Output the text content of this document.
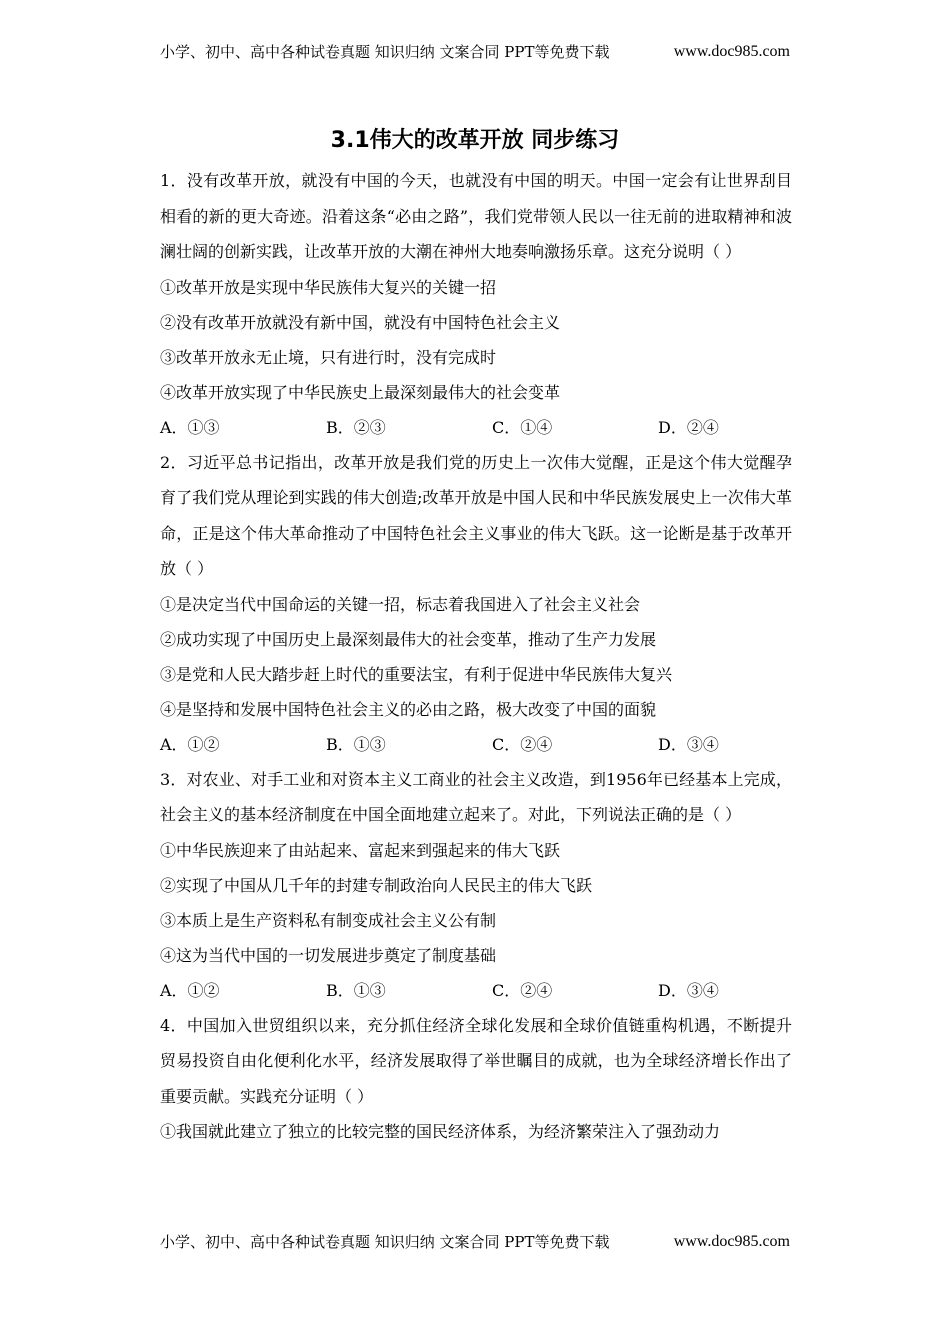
小学、初中、高中各种试卷真题 知识归纳 文案合同 PPT等免费下载	www.doc985.com
3.1伟大的改革开放 同步练习
1．没有改革开放，就没有中国的今天，也就没有中国的明天。中国一定会有让世界刮目相看的新的更大奇迹。沿着这条“必由之路”，我们党带领人民以一往无前的进取精神和波澜壮阔的创新实践，让改革开放的大潮在神州大地奏响激扬乐章。这充分说明（ ）
①改革开放是实现中华民族伟大复兴的关键一招
②没有改革开放就没有新中国，就没有中国特色社会主义
③改革开放永无止境，只有进行时，没有完成时
④改革开放实现了中华民族史上最深刻最伟大的社会变革
A．①③	B．②③	C．①④	D．②④
2．习近平总书记指出，改革开放是我们党的历史上一次伟大觉醒，正是这个伟大觉醒孕育了我们党从理论到实践的伟大创造;改革开放是中国人民和中华民族发展史上一次伟大革命，正是这个伟大革命推动了中国特色社会主义事业的伟大飞跃。这一论断是基于改革开放（ ）
①是决定当代中国命运的关键一招，标志着我国进入了社会主义社会
②成功实现了中国历史上最深刻最伟大的社会变革，推动了生产力发展
③是党和人民大踏步赶上时代的重要法宝，有利于促进中华民族伟大复兴
④是坚持和发展中国特色社会主义的必由之路，极大改变了中国的面貌
A．①②	B．①③	C．②④	D．③④
3．对农业、对手工业和对资本主义工商业的社会主义改造，到1956年已经基本上完成，社会主义的基本经济制度在中国全面地建立起来了。对此，下列说法正确的是（ ）
①中华民族迎来了由站起来、富起来到强起来的伟大飞跃
②实现了中国从几千年的封建专制政治向人民民主的伟大飞跃
③本质上是生产资料私有制变成社会主义公有制
④这为当代中国的一切发展进步奠定了制度基础
A．①②	B．①③	C．②④	D．③④
4．中国加入世贸组织以来，充分抓住经济全球化发展和全球价值链重构机遇，不断提升贸易投资自由化便利化水平，经济发展取得了举世瞩目的成就，也为全球经济增长作出了重要贡献。实践充分证明（ ）
①我国就此建立了独立的比较完整的国民经济体系，为经济繁荣注入了强劲动力
小学、初中、高中各种试卷真题 知识归纳 文案合同 PPT等免费下载	www.doc985.com
